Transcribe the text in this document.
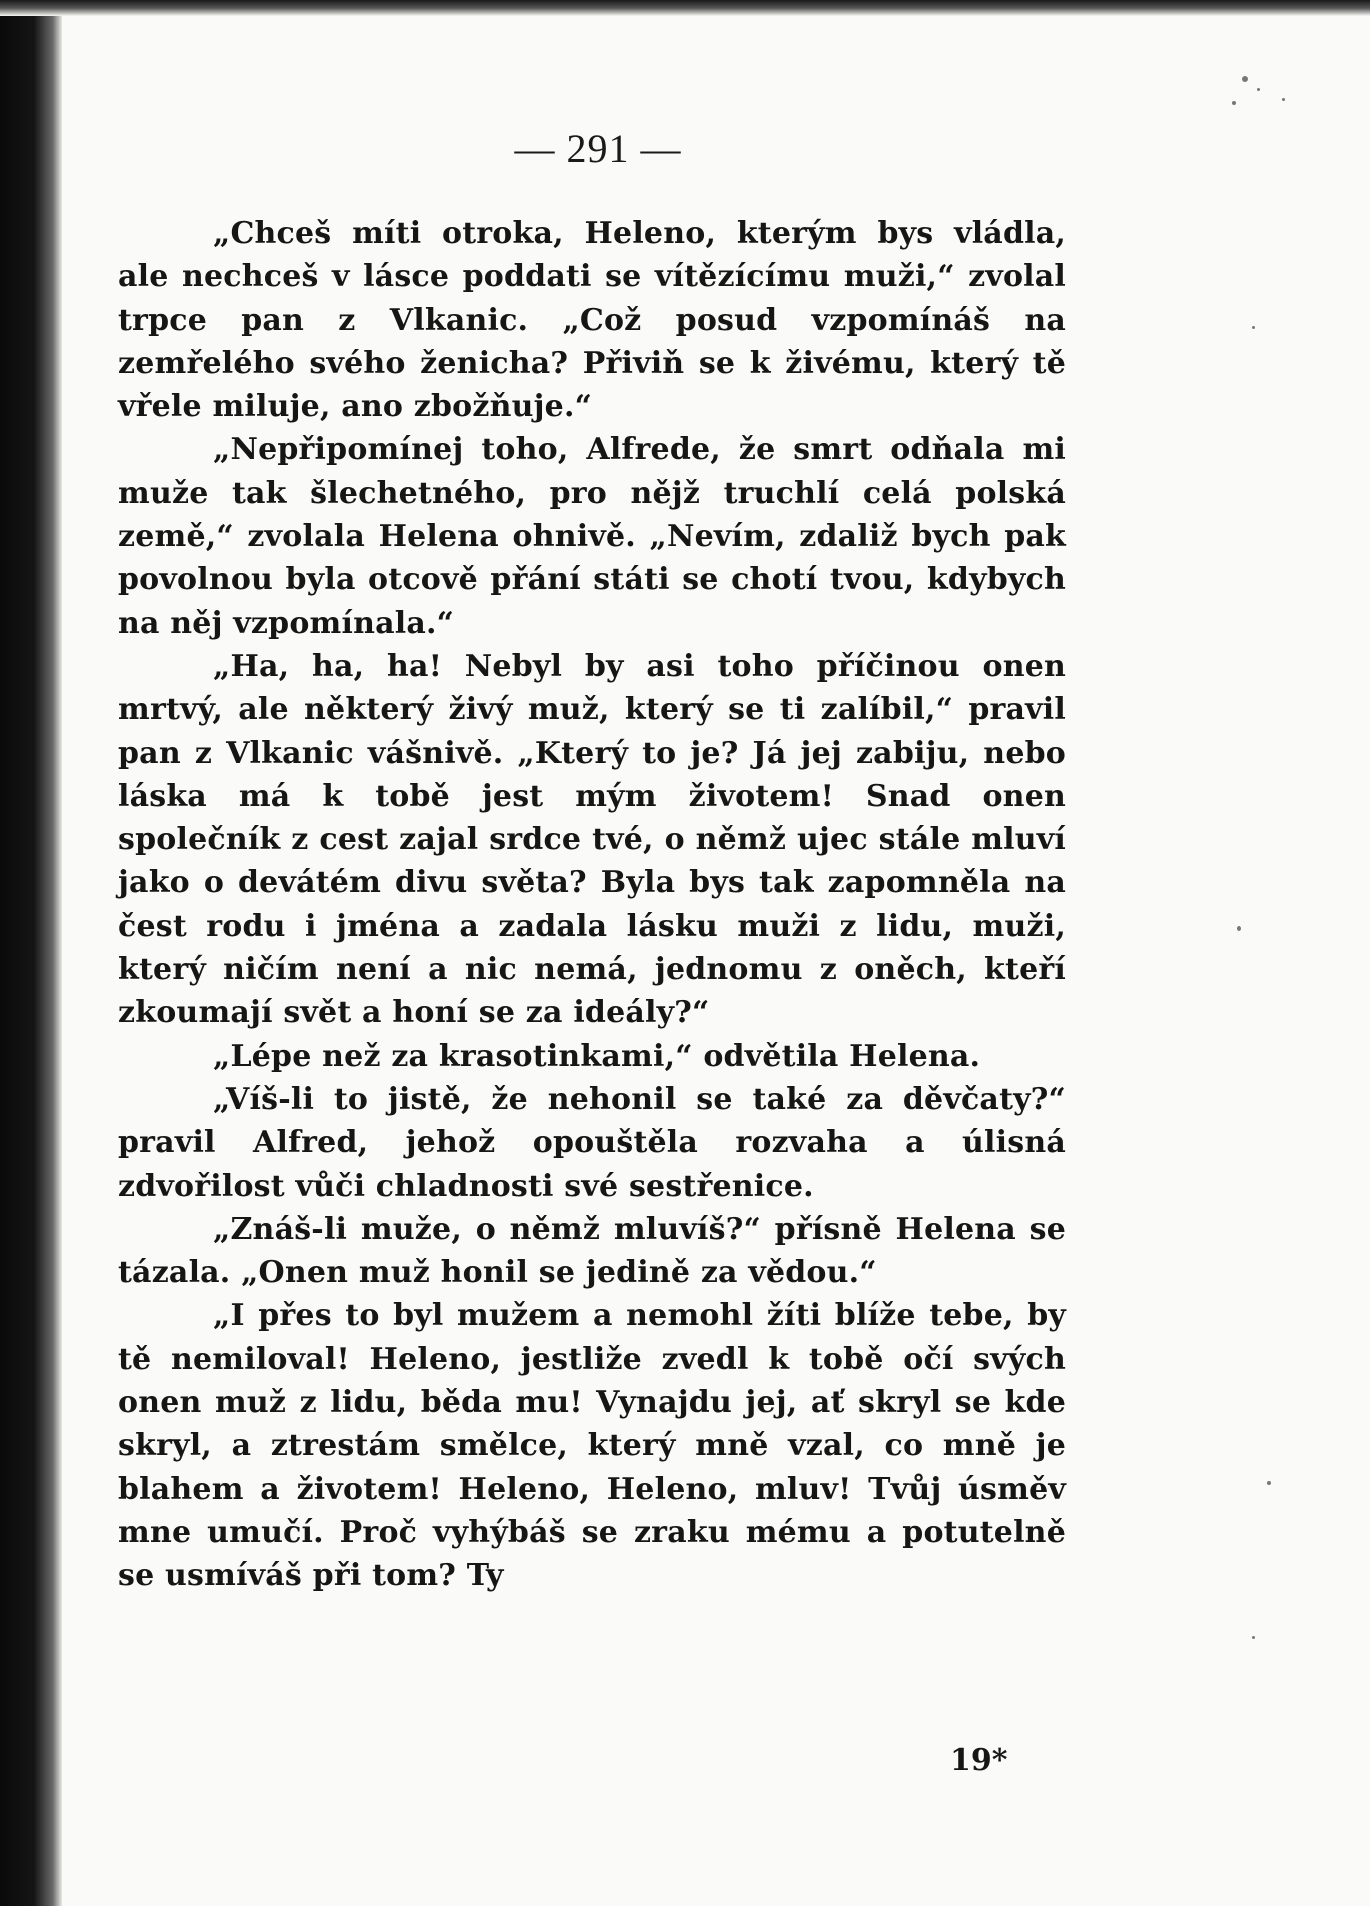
— 291 —

„Chceš míti otroka, Heleno, kterým bys vládla, ale nechceš v lásce poddati se vítězícímu muži,“ zvolal trpce pan z Vlkanic. „Což posud vzpomínáš na zemřelého svého ženicha? Přiviň se k živému, který tě vřele miluje, ano zbožňuje.“

„Nepřipomínej toho, Alfrede, že smrt odňala mi muže tak šlechetného, pro nějž truchlí celá polská země,“ zvolala Helena ohnivě. „Nevím, zdaliž bych pak povolnou byla otcově přání státi se chotí tvou, kdybych na něj vzpomínala.“

„Ha, ha, ha! Nebyl by asi toho příčinou onen mrtvý, ale některý živý muž, který se ti zalíbil,“ pravil pan z Vlkanic vášnivě. „Který to je? Já jej zabiju, nebo láska má k tobě jest mým životem! Snad onen společník z cest zajal srdce tvé, o němž ujec stále mluví jako o devátém divu světa? Byla bys tak zapomněla na čest rodu i jména a zadala lásku muži z lidu, muži, který ničím není a nic nemá, jednomu z oněch, kteří zkoumají svět a honí se za ideály?“

„Lépe než za krasotinkami,“ odvětila Helena.

„Víš-li to jistě, že nehonil se také za děvčaty?“ pravil Alfred, jehož opouštěla rozvaha a úlisná zdvořilost vůči chladnosti své sestřenice.

„Znáš-li muže, o němž mluvíš?“ přísně Helena se tázala. „Onen muž honil se jedině za vědou.“

„I přes to byl mužem a nemohl žíti blíže tebe, by tě nemiloval! Heleno, jestliže zvedl k tobě očí svých onen muž z lidu, běda mu! Vynajdu jej, ať skryl se kde skryl, a ztrestám smělce, který mně vzal, co mně je blahem a životem! Heleno, Heleno, mluv! Tvůj úsměv mne umučí. Proč vyhýbáš se zraku mému a potutelně se usmíváš při tom? Ty

19*
